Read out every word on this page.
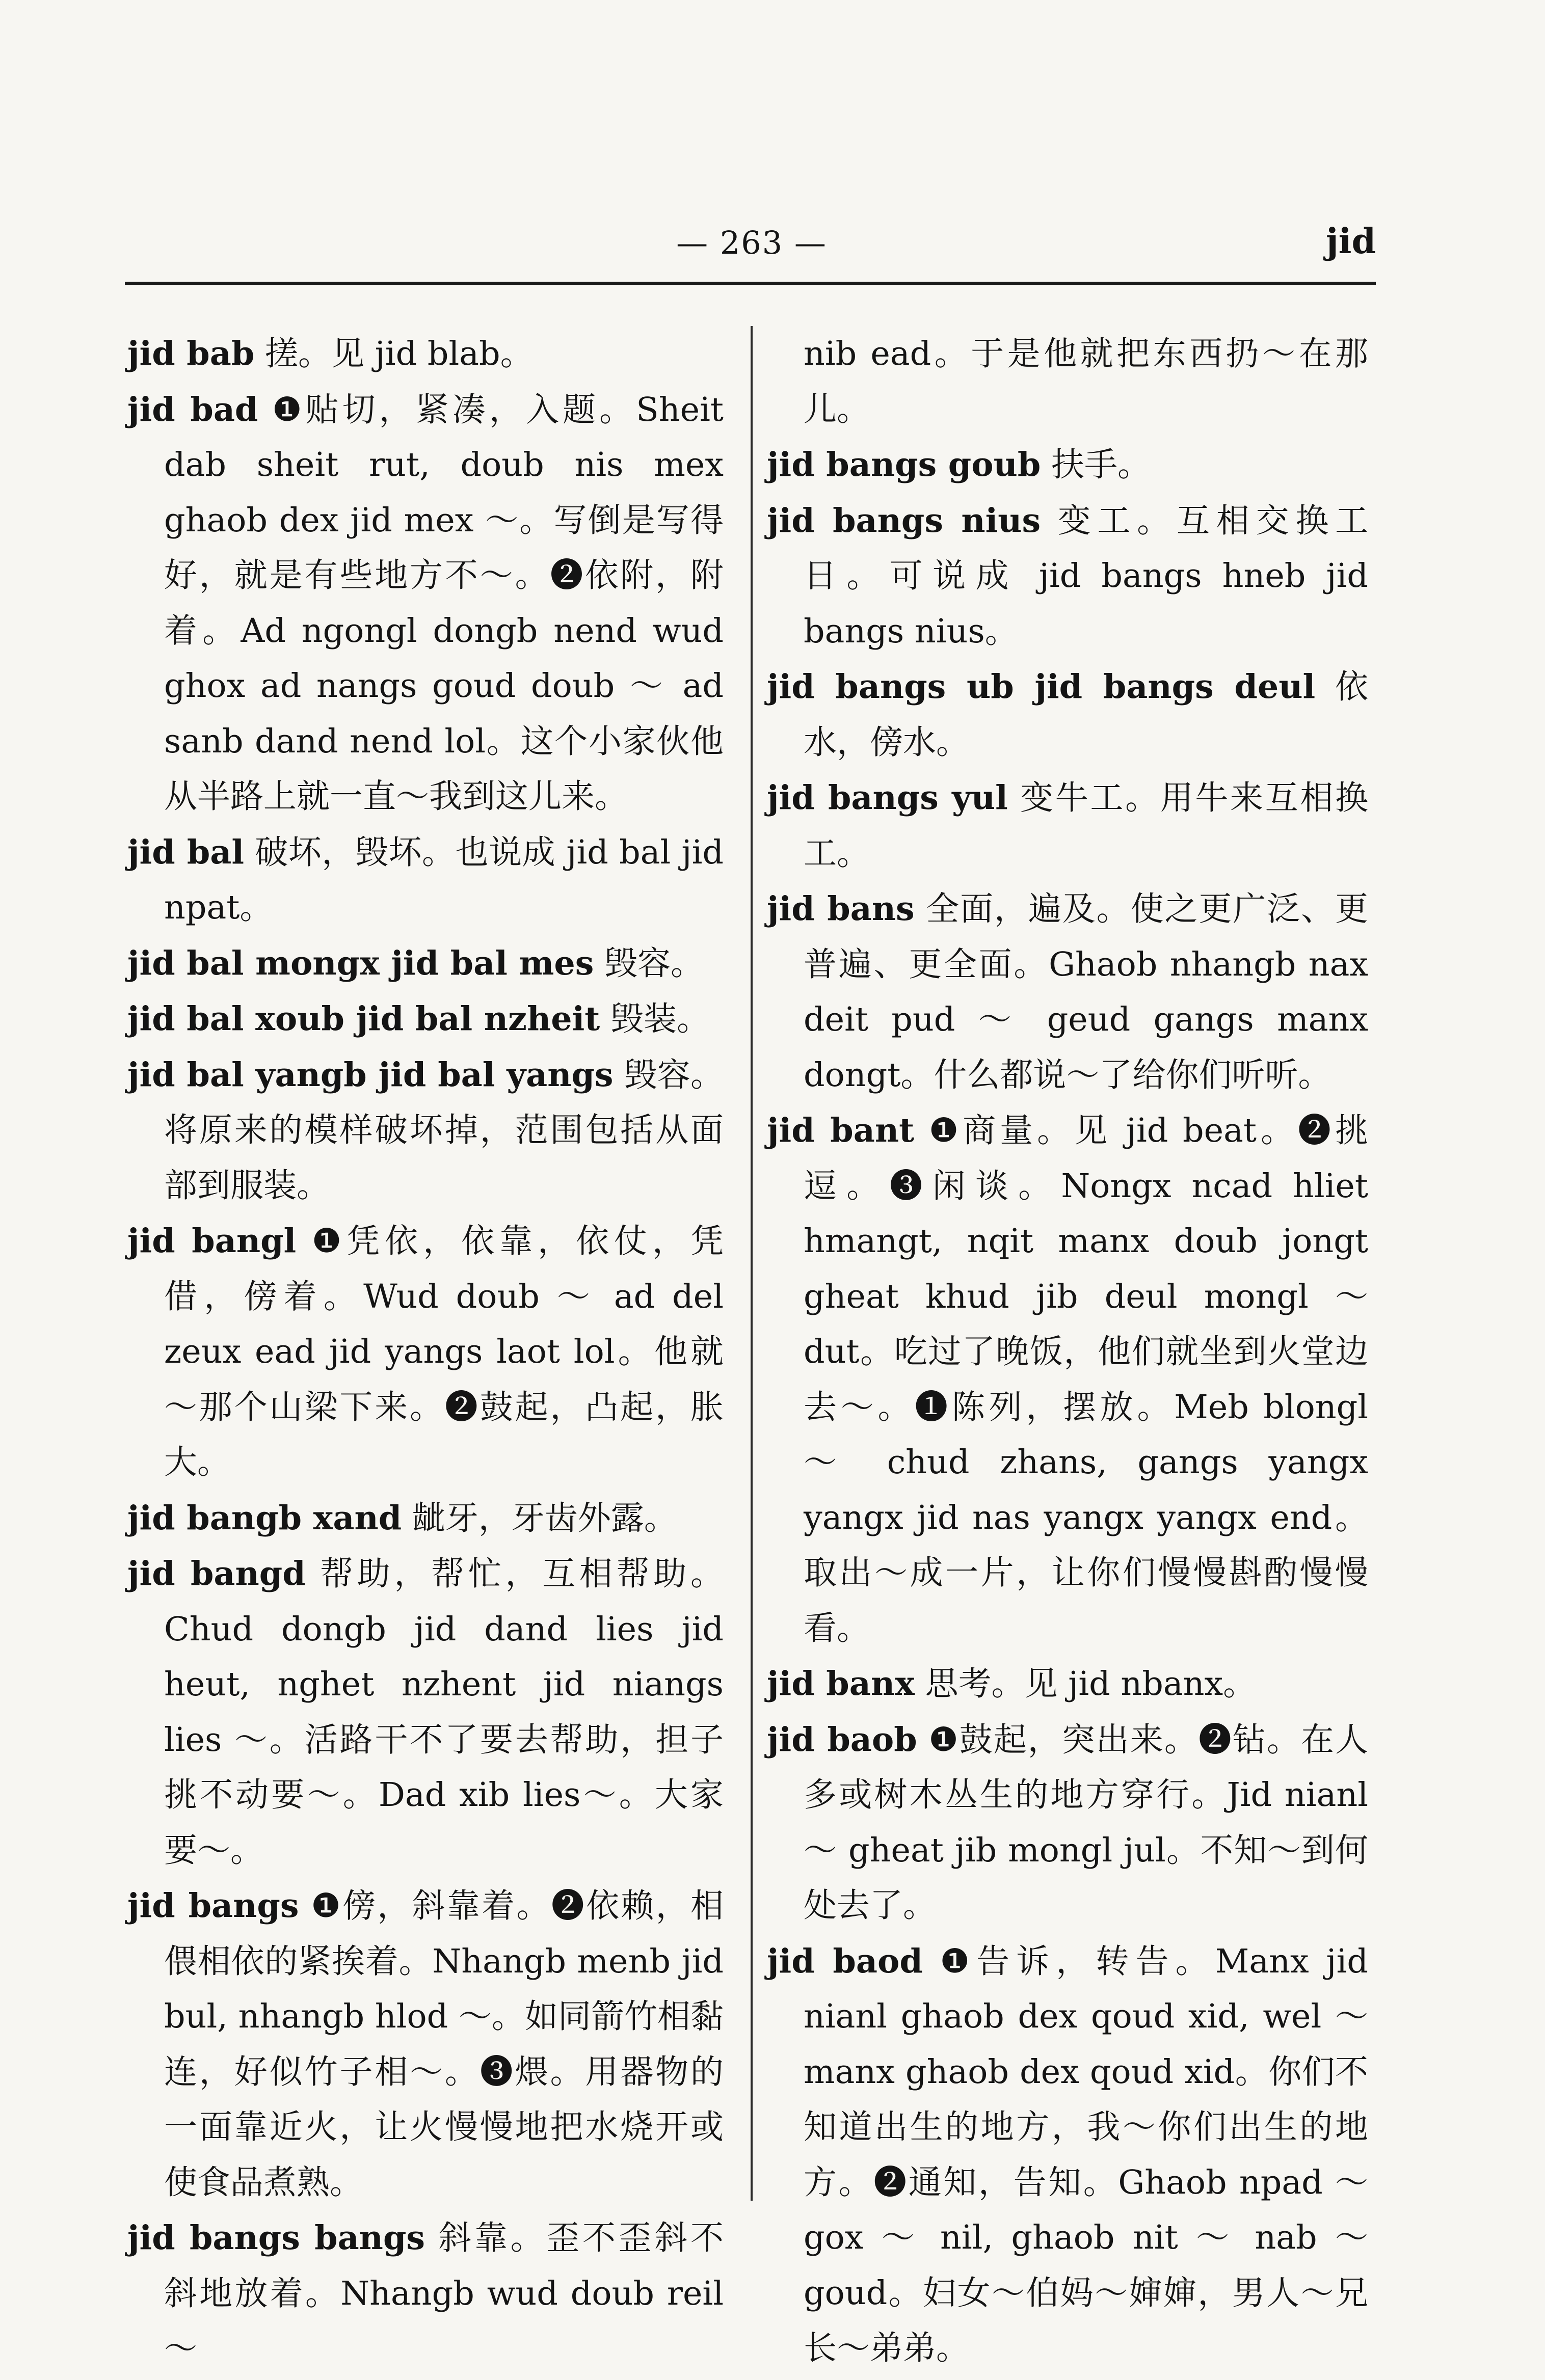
— 263 —	jid
jid bab 搓。见 jid blab。
jid bad ❶贴切，紧凑，入题。Sheit dab sheit rut, doub nis mex ghaob dex jid mex ～。写倒是写得好，就是有些地方不～。❷依附，附着。Ad ngongl dongb nend wud ghox ad nangs goud doub ～ ad sanb dand nend lol。这个小家伙他从半路上就一直～我到这儿来。
jid bal 破坏，毁坏。也说成 jid bal jid npat。
jid bal mongx jid bal mes 毁容。
jid bal xoub jid bal nzheit 毁装。
jid bal yangb jid bal yangs 毁容。将原来的模样破坏掉，范围包括从面部到服装。
jid bangl ❶凭依，依靠，依仗，凭借，傍着。Wud doub ～ ad del zeux ead jid yangs laot lol。他就～那个山梁下来。❷鼓起，凸起，胀大。
jid bangb xand 龇牙，牙齿外露。
jid bangd 帮助，帮忙，互相帮助。Chud dongb jid dand lies jid heut, nghet nzhent jid niangs lies ～。活路干不了要去帮助，担子挑不动要～。Dad xib lies～。大家要～。
jid bangs ❶傍，斜靠着。❷依赖，相偎相依的紧挨着。Nhangb menb jid bul, nhangb hlod ～。如同箭竹相黏连，好似竹子相～。❸煨。用器物的一面靠近火，让火慢慢地把水烧开或使食品煮熟。
jid bangs bangs 斜靠。歪不歪斜不斜地放着。Nhangb wud doub reil ～
nib ead。于是他就把东西扔～在那儿。
jid bangs goub 扶手。
jid bangs nius 变工。互相交换工日。可说成 jid bangs hneb jid bangs nius。
jid bangs ub jid bangs deul 依水，傍水。
jid bangs yul 变牛工。用牛来互相换工。
jid bans 全面，遍及。使之更广泛、更普遍、更全面。Ghaob nhangb nax deit pud ～ geud gangs manx dongt。什么都说～了给你们听听。
jid bant ❶商量。见 jid beat。❷挑逗。❸闲谈。Nongx ncad hliet hmangt, nqit manx doub jongt gheat khud jib deul mongl ～ dut。吃过了晚饭，他们就坐到火堂边去～。❶陈列，摆放。Meb blongl ～ chud zhans, gangs yangx yangx jid nas yangx yangx end。取出～成一片，让你们慢慢斟酌慢慢看。
jid banx 思考。见 jid nbanx。
jid baob ❶鼓起，突出来。❷钻。在人多或树木丛生的地方穿行。Jid nianl ～ gheat jib mongl jul。不知～到何处去了。
jid baod ❶告诉，转告。Manx jid nianl ghaob dex qoud xid, wel ～ manx ghaob dex qoud xid。你们不知道出生的地方，我～你们出生的地方。❷通知，告知。Ghaob npad ～ gox ～ nil, ghaob nit ～ nab ～ goud。妇女～伯妈～婶婶，男人～兄长～弟弟。
